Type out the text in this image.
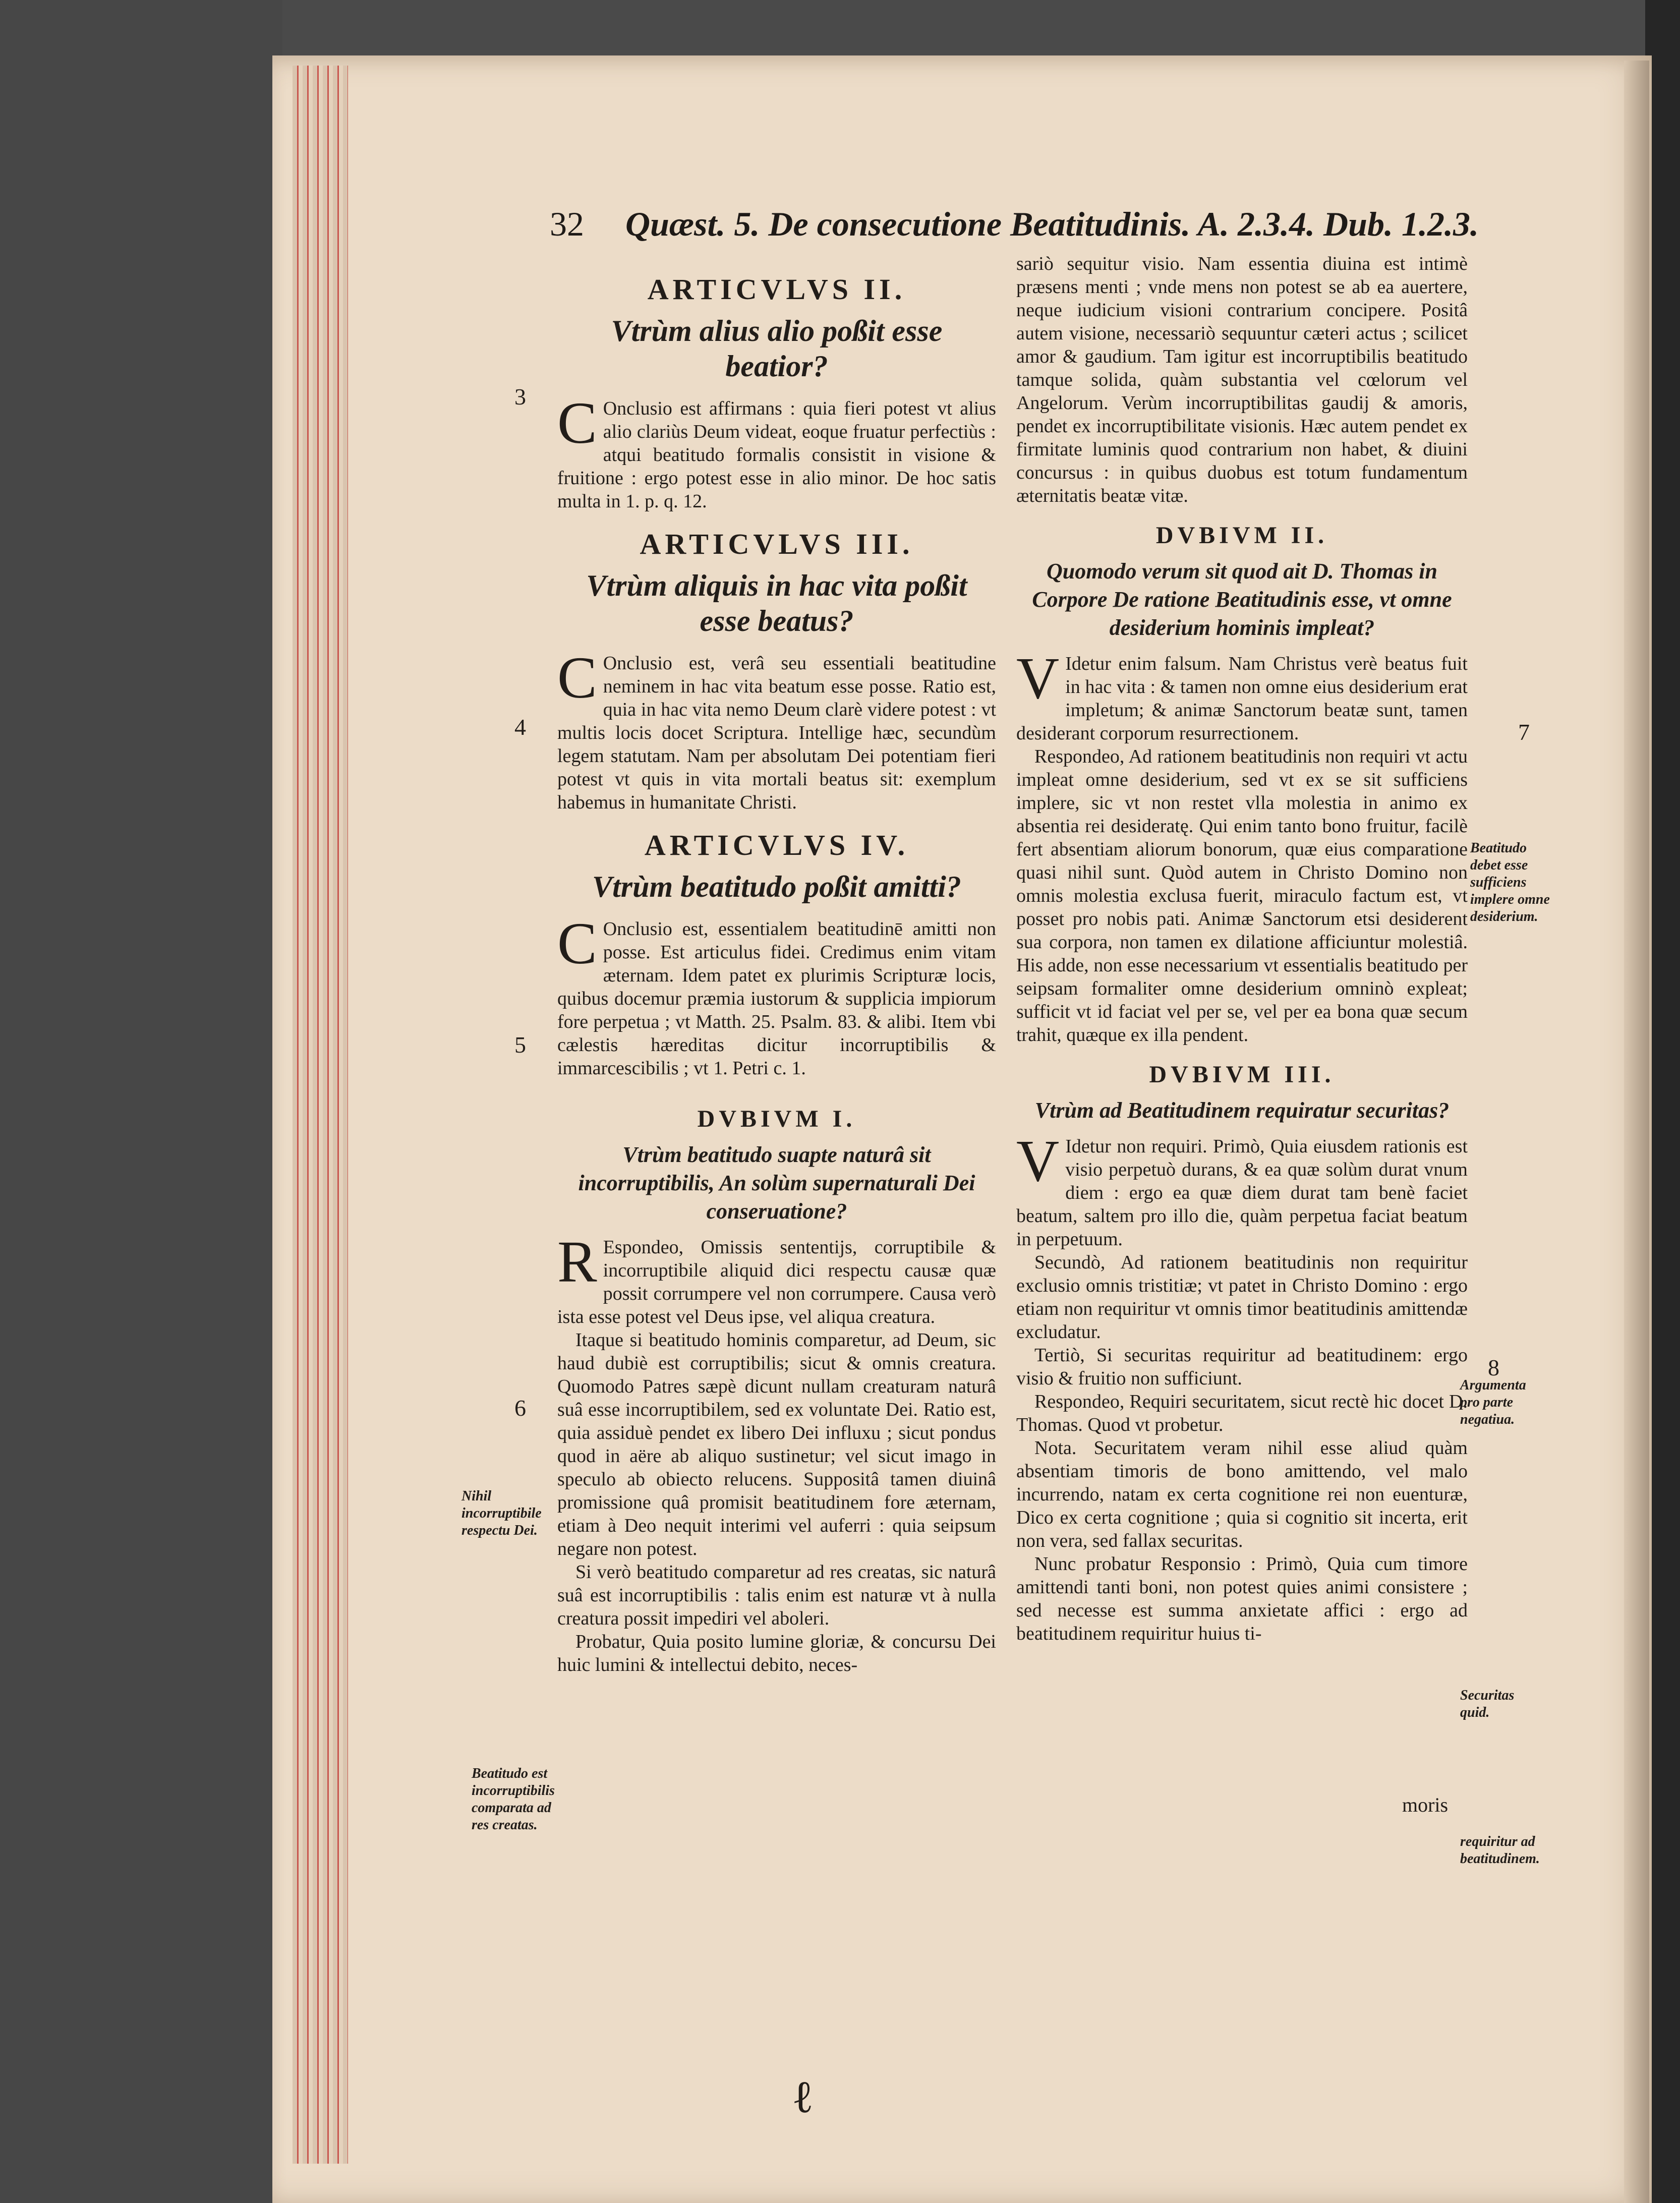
32 Quæst. 5. De consecutione Beatitudinis. A. 2.3.4. Dub. 1.2.3.
ARTICVLVS II.
Vtrùm alius alio poßit esse beatior?

C Onclusio est affirmans : quia fieri potest vt alius alio clariùs Deum videat, eoque fruatur perfectiùs : atqui beatitudo formalis consistit in visione & fruitione : ergo potest esse in alio minor. De hoc satis multa in 1. p. q. 12.

ARTICVLVS III.
Vtrùm aliquis in hac vita poßit esse beatus?

C Onclusio est, verâ seu essentiali beatitudine neminem in hac vita beatum esse posse. Ratio est, quia in hac vita nemo Deum clarè videre potest : vt multis locis docet Scriptura. Intellige hæc, secundùm legem statutam. Nam per absolutam Dei potentiam fieri potest vt quis in vita mortali beatus sit: exemplum habemus in humanitate Christi.

ARTICVLVS IV.
Vtrùm beatitudo poßit amitti?

C Onclusio est, essentialem beatitudinē amitti non posse. Est articulus fidei. Credimus enim vitam æternam. Idem patet ex plurimis Scripturæ locis, quibus docemur præmia iustorum & supplicia impiorum fore perpetua ; vt Matth. 25. Psalm. 83. & alibi. Item vbi cælestis hæreditas dicitur incorruptibilis & immarcescibilis ; vt 1. Petri c. 1.

DVBIVM I.
Vtrùm beatitudo suapte naturâ sit incorruptibilis, An solùm supernaturali Dei conseruatione?

R Espondeo, Omissis sententijs, corruptibile & incorruptibile aliquid dici respectu causæ quæ possit corrumpere vel non corrumpere. Causa verò ista esse potest vel Deus ipse, vel aliqua creatura.

Itaque si beatitudo hominis comparetur, ad Deum, sic haud dubiè est corruptibilis; sicut & omnis creatura. Quomodo Patres sæpè dicunt nullam creaturam naturâ suâ esse incorruptibilem, sed ex voluntate Dei. Ratio est, quia assiduè pendet ex libero Dei influxu ; sicut pondus quod in aëre ab aliquo sustinetur; vel sicut imago in speculo ab obiecto relucens. Suppositâ tamen diuinâ promissione quâ promisit beatitudinem fore æternam, etiam à Deo nequit interimi vel auferri : quia seipsum negare non potest.

Si verò beatitudo comparetur ad res creatas, sic naturâ suâ est incorruptibilis : talis enim est naturæ vt à nulla creatura possit impediri vel aboleri.

Probatur, Quia posito lumine gloriæ, & concursu Dei huic lumini & intellectui debito, neces-

sariò sequitur visio. Nam essentia diuina est intimè præsens menti ; vnde mens non potest se ab ea auertere, neque iudicium visioni contrarium concipere. Positâ autem visione, necessariò sequuntur cæteri actus ; scilicet amor & gaudium. Tam igitur est incorruptibilis beatitudo tamque solida, quàm substantia vel cœlorum vel Angelorum. Verùm incorruptibilitas gaudij & amoris, pendet ex incorruptibilitate visionis. Hæc autem pendet ex firmitate luminis quod contrarium non habet, & diuini concursus : in quibus duobus est totum fundamentum æternitatis beatæ vitæ.

DVBIVM II.
Quomodo verum sit quod ait D. Thomas in Corpore De ratione Beatitudinis esse, vt omne desiderium hominis impleat?

V Idetur enim falsum. Nam Christus verè beatus fuit in hac vita : & tamen non omne eius desiderium erat impletum; & animæ Sanctorum beatæ sunt, tamen desiderant corporum resurrectionem.

Respondeo, Ad rationem beatitudinis non requiri vt actu impleat omne desiderium, sed vt ex se sit sufficiens implere, sic vt non restet vlla molestia in animo ex absentia rei desideratę. Qui enim tanto bono fruitur, facilè fert absentiam aliorum bonorum, quæ eius comparatione quasi nihil sunt. Quòd autem in Christo Domino non omnis molestia exclusa fuerit, miraculo factum est, vt posset pro nobis pati. Animæ Sanctorum etsi desiderent sua corpora, non tamen ex dilatione afficiuntur molestiâ. His adde, non esse necessarium vt essentialis beatitudo per seipsam formaliter omne desiderium omninò expleat; sufficit vt id faciat vel per se, vel per ea bona quæ secum trahit, quæque ex illa pendent.

DVBIVM III.
Vtrùm ad Beatitudinem requiratur securitas?

V Idetur non requiri. Primò, Quia eiusdem rationis est visio perpetuò durans, & ea quæ solùm durat vnum diem : ergo ea quæ diem durat tam benè faciet beatum, saltem pro illo die, quàm perpetua faciat beatum in perpetuum.

Secundò, Ad rationem beatitudinis non requiritur exclusio omnis tristitiæ; vt patet in Christo Domino : ergo etiam non requiritur vt omnis timor beatitudinis amittendæ excludatur.

Tertiò, Si securitas requiritur ad beatitudinem: ergo visio & fruitio non sufficiunt.

Respondeo, Requiri securitatem, sicut rectè hic docet D. Thomas. Quod vt probetur.

Nota. Securitatem veram nihil esse aliud quàm absentiam timoris de bono amittendo, vel malo incurrendo, natam ex certa cognitione rei non euenturæ, Dico ex certa cognitione ; quia si cognitio sit incerta, erit non vera, sed fallax securitas.

Nunc probatur Responsio : Primò, Quia cum timore amittendi tanti boni, non potest quies animi consistere ; sed necesse est summa anxietate affici : ergo ad beatitudinem requiritur huius ti-

moris
3
4
5
6
7
8
Nihil incorruptibile respectu Dei.
Beatitudo est incorruptibilis comparata ad res creatas.
Beatitudo debet esse sufficiens implere omne desiderium.
Argumenta pro parte negatiua.
Securitas quid.
requiritur ad beatitudinem.
ℓ
